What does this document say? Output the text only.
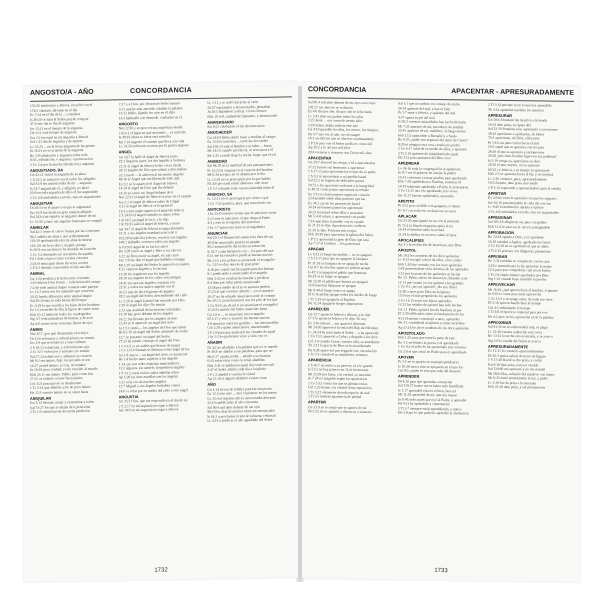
ANGOSTO/A - AÑO	CONCORDANCIA
155:26 tendremos a Jehová, escuchó con el
178:2 clamaré, sálvame en el día
Ec 7:14 en el día de la ... considera
Is 30:20 os dará el Señor pan de congoja
37:3 este día es día de angustia
Jer 15:11 en el tiempo de la angustia
Dn 12:1 será tiempo de angustia
Jon 2:2 invoqué en mi angustia a Jehová
Sof 1:15 día de angustia y de aprieto
Lc 21:25 ... en la tierra angustia de las gentes
Jn 16:21 no se acuerda de la angustia
Ro 2:9 tribulación y angustia sobre todo
8:35 ¿tribulación, o angustia, o persecución
2 Co 2:4 por la mucha tribulación y angustia
ANGUSTIADO, DA
Gn 42:21 vimos la angustia de su alma
1 S 22:2 se juntaron con él todos los afligidos
Sal 31:9 ten misericordia de mí ... angustia
Is 53:7 angustiado él, y afligido, no abrió
63:9 en toda angustia de ellos él fue angustiado
2 Co 4:8 atribulados en todo, mas no angustiados
ANGUSTIAR
Dt 28:53 en el apuro con que te angustiará
Jue 10:9 fue Israel en gran manera afligido
Sal 143:4 mi espíritu se angustió dentro de mí
Lc 12:50 ¡cómo me angustio hasta que se cumpla!
ANHELAR
Sal 42:1 como el ciervo brama por las corrientes
84:2 anhela mi alma y aun ardientemente
119:20 quebrantada está mi alma de desear
119:131 mi boca abrí y suspiré, porque
Is 26:9 con mi alma te he deseado en la noche
2 Co 5:2 deseando ser revestidos de aquella
Fil 1:8 de cómo os amo a todos vosotros
2:26 él tenía gran deseo de veros a todos
1 P 2:2 desead, como niños recién nacidos
ANIMAL
Gn 1:24 produzca la tierra seres vivientes
2:19 Jehová Dios formó ... toda bestia del campo
7:2 de todo animal limpio tomarás siete parejas
Lv 11:2 estos son los animales que comeréis
20:25 haréis diferencia entre animal limpio
Sal 50:10 mía es toda bestia del bosque
Ec 3:19 lo que sucede a los hijos de los hombres
Ez 1:5 en medio de ella la figura de cuatro seres
Hch 10:12 había de todos los cuadrúpedos
Stg 3:7 toda naturaleza de bestias, y de aves
Ap 4:6 cuatro seres vivientes llenos de ojos
ÁNIMO
Nm 32:7 ¿por qué desanimáis a los hijos
Dt 31:6 esforzaos y cobrad ánimo; no temáis
Jos 1:9 que te esfuerces y seas valiente
2 S 10:12 esfuérzate, y esforcémonos por
2 Cr 32:7 esforzaos y animaos; no temáis
Sal 27:14 esfuércese y aliéntese tu corazón
Mt 9:2 ten ánimo, hijo; tus pecados te son
14:27 ¡tened ánimo; yo soy, no temáis!
Jn 16:33 pero confiad, yo he vencido al mundo
Hch 23:11 ten ánimo, Pablo, pues como has
27:22 os exhorto a tener buen ánimo
Col 3:21 para que no se desalienten
1 Ts 5:14 que alentéis a los de poco ánimo
He 12:3 vuestro ánimo no se canse hasta
ANIQUILAR
Est 3:13 destruir, matar y exterminar a todos
Sal 73:27 los que se alejan de ti perecerán
2 Ts 1:9 sufrirán pena de eterna perdición
2:17 y a Dios, por Jesucristo Señor nuestro
6:21 mucho más atrevido a hablar la palabra
13:12 Pablo, fijando los ojos en él, dijo
14:3 hablando con denuedo, confiados en el
ANGOSTO
Nm 22:26 y se puso en una angostura donde
2 R 6:1 el lugar en que moramos ... es estrecho
Is 49:19 ahora tu tierra será estrecha
Mt 7:14 angosto el camino que lleva a la vida
Lc 13:24 esforzaos a entrar por la puerta angosta
ÁNGEL
Gn 16:7 la halló el ángel de Jehová junto
19:1 llegaron, pues, los dos ángeles a Sodoma
22:11 el ángel de Jehová le dio voces desde
28:12 ángeles de Dios que subían y descendían
32:1 Jacob ... le salieron al encuentro ángeles
48:16 el Ángel que me liberta de todo mal
Éx 3:2 se le apareció el Ángel de Jehová
14:19 el ángel de Dios que iba delante
23:20 yo envío mi Ángel delante de ti
Nm 22:22 el ángel de Jehová se puso en el camino
Jue 2:1 el ángel de Jehová subió de Gilgal
6:12 el ángel de Jehová se le apareció
13:3 a esta mujer apareció el ángel de Jehová
2 S 24:16 el ángel extendió su mano sobre
1 R 19:5 un ángel le tocó, y le dijo
2 R 19:35 salió el ángel de Jehová, y mató
Sal 34:7 el ángel de Jehová acampa alrededor
91:11 a sus ángeles mandará acerca de ti
103:20 bendecid a Jehová, vosotros sus ángeles
148:2 alabadle, vosotros todos sus ángeles
Is 63:9 el ángel de su faz los salvó
Dn 3:28 envió su ángel y libró a sus siervos
6:22 mi Dios envió su ángel, el cual cerró
Zac 1:9 me dijo el ángel que hablaba conmigo
Mt 1:20 un ángel del Señor le apareció en sueños
4:11 vinieron ángeles y le servían
13:39 los segadores son los ángeles
18:10 sus ángeles en los cielos ven siempre
24:31 enviará sus ángeles con gran voz
25:31 y todos los santos ángeles con él
26:53 más de doce legiones de ángeles
28:2 un ángel del Señor, descendiendo del cielo
Lc 1:26 el ángel Gabriel fue enviado por Dios
2:10 el ángel les dijo: No temáis
2:13 una multitud de las huestes celestiales
15:10 hay gozo delante de los ángeles
16:22 fue llevado por los ángeles al seno
22:43 se le apareció un ángel del cielo
Jn 1:51 veréis ... los ángeles de Dios que suben
Hch 5:19 un ángel del Señor, abriendo de noche
12:7 se presentó un ángel del Señor
27:23 ha estado conmigo el ángel del Dios
1 Co 6:3 ¿o no sabéis que hemos de juzgar
2 Co 11:14 Satanás se disfraza como ángel de luz
Gá 1:8 aun si ... un ángel del cielo, os anunciare
He 1:4 hecho tanto superior a los ángeles
1:14 ¿no son todos espíritus ministradores
13:2 algunos, sin saberlo, hospedaron ángeles
1 P 1:12 cosas en las cuales anhelan mirar
Ap 1:20 las siete estrellas son los ángeles
5:11 oí la voz de muchos ángeles
12:7 Miguel y sus ángeles luchaban contra
14:6 vi volar por en medio del cielo a otro ángel
ANGUSTIA
Gn 35:3 Dios, que me respondió en el día de mi
2 S 22:7 en mi angustia invoqué a Jehová
Sal 18:6 en mi angustia invoqué a Jehová
Lc 1:12 y se turbó Zacarías al verle
24:37 espantados y atemorizados, pensaban
Jn 20:5 bajándose a mirar, vio los lienzos
Hch 10:4 él, mirándole fijamente, y atemorizado
ANIVERSARIO
Est 9:21 celebrasen el día decimocuarto
ANOCHECER
Gn 24:63 había salido Isaac a meditar al campo
Éx 12:6 lo inmolará ... entre las dos tardes
Sal 104:23 sale el hombre a su labor ... hasta
Mt 14:15 cuando anochecía, se acercaron a él
Mr 1:32 cuando llegó la noche, luego que el sol
ANSIEDAD
Sal 94:19 en la multitud de mis pensamientos
Pr 12:25 la congoja en el corazón del hombre
Mt 6:34 así que, no os afanéis por el día
Lc 12:29 no os preocupéis por lo que habéis
Fil 4:6 por nada estéis afanosos, sino sean
1 P 5:7 echando toda vuestra ansiedad sobre él
ANSIOSO, SA
Lc 12:11 no os preocupéis por cómo o qué
1 Co 7:32 quisiera, pues, que estuvieseis sin
ANTICRISTO
1 Jn 2:18 vosotros oísteis que el anticristo viene
2:22 este es anticristo, el que niega al Padre
4:3 y este es el espíritu del anticristo
2 Jn 1:7 quien esto hace es el engañador
ANUNCIAR
Sal 19:1 el firmamento anuncia la obra de sus
40:9 he anunciado justicia en grande
96:2 anunciad de día en día su salvación
Is 52:7 ¡cuán hermosos son ... los pies del que
61:1 me ha enviado a predicar buenas nuevas
Mt 11:5 a los pobres es anunciado el evangelio
Lc 2:10 os doy nuevas de gran gozo
4:18 por cuanto me ha ungido para dar buenas
8:1 predicando y anunciando el evangelio
Hch 5:42 no cesaban de enseñar y predicar
8:4 iban por todas partes anunciando
13:38 por medio de él se os anuncia perdón
17:23 al que vosotros adoráis ... yo os anuncio
20:27 no he rehuido anunciaros todo el consejo
Ro 10:15 ¡cuán hermosos son los pies de los que
1 Co 9:16 ¡ay de mí si no anunciare el evangelio!
11:26 la muerte del Señor anunciáis hasta
Gá 1:8 si ... os anunciare otro evangelio
Ef 2:17 y vino y anunció las buenas nuevas
3:8 anunciar entre los gentiles ... las inescrutables
Col 1:28 a quien anunciamos, amonestando
1 P 2:9 para que anunciéis las virtudes de aquel
1 Jn 1:3 lo que hemos visto y oído, eso os
AÑADIR
Dt 4:2 no añadiréis a la palabra que yo os mando
Pr 30:6 no añadas a sus palabras, para que no
Mt 6:27 ¿quién podrá ... añadir a su estatura
6:33 todas estas cosas os serán añadidas
Hch 2:41 se añadieron aquel día como tres mil
2:47 el Señor añadía cada día a la iglesia
2 P 1:5 añadid a vuestra fe virtud
Ap 22:18 si alguno añadiere a estas cosas
AÑO
Gn 1:14 sirvan de señales para las estaciones
Éx 12:2 este mes ... será el primero en los meses
Lv 25:4 el séptimo año la tierra tendrá descanso
25:10 santificaréis el año cincuenta
Sal 90:4 mil años delante de tus ojos
90:10 los días de nuestra edad son setenta años
Is 61:2 a proclamar el año de la buena voluntad
Lc 4:19 a predicar el año agradable del Señor
1732
CONCORDANCIA	APACENTAR - APRESURADAMENTE
Sal 90:4 mil años delante de tus ojos son como
102:27 tus años no se acabarán
Ez 4:6 día por año, día por año te lo he dado
Lc 2:41 iban sus padres todos los años
3:23 Jesús ... era como de treinta años
13:8 Señor, déjala todavía este año
Gá 4:10 guardáis los días, los meses, los tiempos
He 9:7 una vez al año, no sin sangre
10:1 sacrificios que se ofrecen continuamente
2 P 3:8 para con el Señor un día es como mil
Ap 20:2 y lo ató por mil años
20:4 vivieron y reinaron con Cristo mil años
APACENTAR
Gn 29:7 abrevad las ovejas, e id a apacentarlas
37:12 fueron sus hermanos a apacentar
1 S 17:15 para apacentar las ovejas de su padre
2 S 5:2 tú apacentarás a mi pueblo Israel
Sal 23:2 en lugares de delicados pastos
78:72 y los apacentó conforme a la integridad
Is 40:11 como pastor apacentará su rebaño
Jer 3:15 os daré pastores según mi corazón
23:4 pondré sobre ellas pastores que las
Ez 34:2 ¡ay de los pastores de Israel
34:14 en buenos pastos las apacentaré
34:23 levantaré sobre ellas a un pastor
Mi 5:4 él estará, y apacentará con poder
7:14 apacienta tu pueblo con tu cayado
Jn 21:15 le dijo: Apacienta mis corderos
21:16 le dijo: Pastorea mis ovejas
Hch 20:28 para apacentar la iglesia del Señor
1 P 5:2 apacentad la grey de Dios que está
Ap 7:17 el Cordero ... los pastoreará
APAGAR
Lv 6:12 el fuego encendido ... no se apagará
2 S 21:17 para que no apagues la lámpara
Pr 31:18 su lámpara no se apaga de noche
Cnt 8:7 las muchas aguas no podrán apagar
Is 42:3 ni apagará el pábilo que humeare
66:24 ni su fuego se apagará
Mt 12:20 el pábilo que humea no apagará
25:8 nuestras lámparas se apagan
Mr 9:44 el fuego nunca se apaga
Ef 6:16 podáis apagar todos los dardos de fuego
1 Ts 5:19 no apaguéis al Espíritu
He 11:34 apagaron fuegos impetuosos
APARECER
Gn 12:7 apareció Jehová a Abram, y le dijo
17:1 le apareció Jehová y le dijo: Yo soy
Éx 3:16 Jehová ... me apareció diciendo
Mt 24:30 aparecerá la señal del Hijo del Hombre
Lc 24:34 ha resucitado el Señor ... y ha aparecido
1 Co 15:5 apareció a Cefas, y después a los doce
Col 3:4 cuando Cristo, vuestra vida, se manifieste
Tit 2:11 la gracia de Dios se ha manifestado
He 9:28 aparecerá por segunda vez, sin relación
1 Jn 3:2 cuando él se manifieste, seremos
APARIENCIA
1 S 16:7 no mires a su parecer, ni a lo grande
Is 53:2 no hay parecer en él, ni hermosura
Mt 23:28 por fuera, a la verdad, os mostráis
Jn 7:24 no juzguéis según las apariencias
2 Co 5:12 contra los que se glorían en las
Col 2:23 tienen a la verdad cierta reputación
1 Ts 5:22 absteneos de toda especie de mal
2 Ti 3:5 tendrán apariencia de piedad
APARTAR
Gn 13:9 yo te ruego que te apartes de mí
Dt 5:32 no os apartéis a diestra ni a siniestra
Sal 1:1 que no anduvo en consejo de malos
34:14 apártate del mal, y haz el bien
Pr 3:7 teme a Jehová, y apártate del mal
4:27 aparta tu pie del mal
Is 59:2 vuestras iniquidades han hecho división
Mt 7:23 apartaos de mí, hacedores de maldad
25:41 apartaos de mí, malditos, al fuego eterno
Hch 13:2 apartadme a Bernabé y a Saulo
Ro 8:35 ¿quién nos separará del amor de Cristo?
8:39 ni ninguna otra cosa creada nos podrá
2 Co 6:17 salid de en medio de ellos, y apartaos
2 Ti 2:19 apártese de iniquidad todo aquel
He 3:12 para apartarse del Dios vivo
APEDREAR
Lv 24:16 toda la congregación lo apedreará
Jn 8:7 sea el primero en arrojar la piedra
10:31 volvieron a tomar piedras para apedrearle
Hch 7:59 apedreaban a Esteban, mientras él
14:19 habiendo apedreado a Pablo, le arrastraron
2 Co 11:25 una vez apedreado; tres veces
He 11:37 fueron apedreados, aserrados
APETITO
Pr 23:2 pon cuchillo a tu garganta, si tienes
Ec 6:7 con todo eso su deseo no se sacia
APLACAR
Gn 32:20 apaciguaré su ira con el presente
Pr 15:1 la blanda respuesta quita la ira
16:14 el hombre sabio la evitará
21:14 la dádiva en secreto calma el furor
APOCALIPSIS
Ap 1:1 la revelación de Jesucristo, que Dios
APÓSTOL
Mt 10:2 los nombres de los doce apóstoles
Lc 6:13 escogió a doce de ellos, a los cuales
Hch 1:26 fue contado con los once apóstoles
2:42 perseveraban en la doctrina de los apóstoles
5:12 por la mano de los apóstoles se hacían
Ro 1:1 Pablo, siervo de Jesucristo, llamado a ser
11:13 por cuanto yo soy apóstol a los gentiles
1 Co 9:1 ¿no soy apóstol? ¿No soy libre?
12:28 a unos puso Dios en la iglesia
15:9 soy el más pequeño de los apóstoles
2 Co 11:13 estos son falsos apóstoles
12:12 las señales de apóstol han sido hechas
Gá 1:1 Pablo, apóstol (no de hombres ni por
Ef 2:20 edificados sobre el fundamento de los
4:11 él mismo constituyó a unos, apóstoles
He 3:1 considerad al apóstol y sumo sacerdote
Ap 21:14 los doce nombres de los doce apóstoles
APOSTOLADO
Hch 1:25 para que tome la parte de este
Ro 1:5 recibimos la gracia y el apostolado
1 Co 9:2 el sello de mi apostolado sois vosotros
Gá 2:8 el que actuó en Pedro para el apostolado
APOYAR
Pr 3:5 no te apoyes en tu propia prudencia
Is 10:20 nunca más se apoyarán en el que los
Cnt 8:5 ¿quién es esta que sube del desierto
APRENDER
Dt 4:10 para que aprendan a temerme
Sal 119:71 bueno me es haber sido humillado
Is 1:17 aprended a hacer el bien; buscad
Mt 11:29 aprended de mí, que soy manso
Jn 6:45 todo aquel que oyó al Padre, y aprendió
Fil 4:11 he aprendido a contentarme
2 Ti 3:7 siempre están aprendiendo, y nunca
He 5:8 por lo que padeció aprendió la obediencia
2 Ti 3:14 persiste tú en lo que has aprendido
Tit 3:14 aprendan también los nuestros
APRESURAR
Gn 18:6 Abraham fue de prisa a la tienda
19:22 date prisa, escápate allá
Sal 22:19 fortaleza mía, apresúrate a socorrerme
38:22 apresúrate a ayudarme, oh Señor
70:1 apresúrate, oh Dios, a librarme
Pr 1:16 sus pies corren hacia el mal
19:2 aquel que se apresura con los pies
28:20 el que se apresura a enriquecerse
29:20 ¿has visto hombre ligero en sus palabras?
Is 5:19 venga ya, apresúrese su obra
28:16 el que creyere, no se apresure
60:22 yo Jehová, a su tiempo lo apresuraré
Hab 2:3 se apresura hacia el fin, y no mentirá
Lc 2:16 vinieron, pues, apresuradamente
19:5 Zaqueo, date prisa, desciende
2 P 3:12 esperando y apresurándoos para la venida
APRETAR
Éx 3:9 he visto la opresión con que los egipcios
Jue 16:16 presionándole él cada día con sus
Lc 8:45 la multitud te aprieta y oprime
2 Co 4:8 atribulados en todo, mas no angustiados
APRISIONAR
Sal 105:18 afligieron sus pies con grillos
Hch 12:4 le puso en la cárcel, entregándole
APROBACIÓN
Ro 14:18 agrada a Dios, y es aprobado
16:10 saludad a Apeles, aprobado en Cristo
2 Co 10:18 no es aprobado el que se alaba
2 Ti 2:15 procura con diligencia presentarte
APROBAR
Ro 1:32 también se complacen con los que
2:18 e instruido por la ley apruebas lo mejor
12:2 para que comprobéis cuál sea la buena
1 Ts 2:4 según fuimos aprobados por Dios
Stg 1:12 cuando haya resistido la prueba
APROVECHAR
Mt 16:26 ¿qué aprovechará al hombre, si ganare
Jn 6:63 la carne para nada aprovecha
1 Co 13:3 y no tengo amor, de nada me sirve
Ef 5:16 aprovechando bien el tiempo
Col 4:5 redimiendo el tiempo
1 Ti 4:8 el ejercicio corporal para poco es
He 4:2 pero no les aprovechó el oír la palabra
APROXIMAR
Sal 91:10 no te sobrevendrá mal, ni plaga
Lc 21:28 vuestra redención está cerca
Ro 13:12 la noche está avanzada, y se acerca
Stg 5:8 la venida del Señor se acerca
APRESURADAMENTE
Éx 12:11 lo comeréis apresuradamente
Dt 16:3 aprisa saliste de tierra de Egipto
1 S 17:48 David se dio prisa, y corrió
Est 6:10 date prisa, toma el vestido
Sal 119:60 me apresuré y no me retardé
Mt 28:8 ellas, saliendo del sepulcro con temor
Mr 6:25 entró prontamente al rey, y pidió
Lc 1:39 fue de prisa a la montaña
Hch 22:18 date prisa, y sal prontamente
1733
